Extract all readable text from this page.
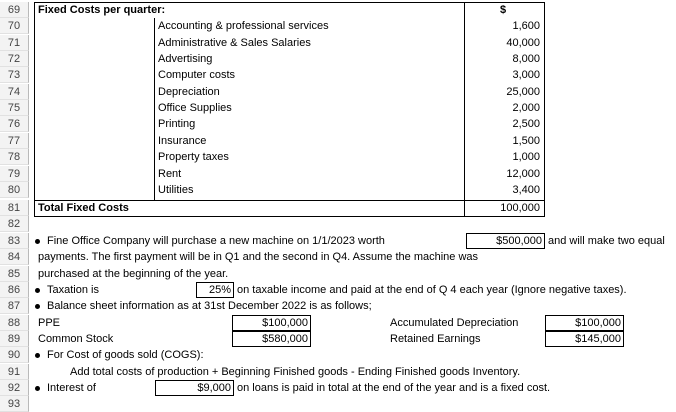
69
70
71
72
73
74
75
76
77
78
79
80
81
82
83
84
85
86
87
88
89
90
91
92
93
Fixed Costs per quarter:	$
Accounting & professional services	1,600
Administrative & Sales Salaries	40,000
Advertising	8,000
Computer costs	3,000
Depreciation	25,000
Office Supplies	2,000
Printing	2,500
Insurance	1,500
Property taxes	1,000
Rent	12,000
Utilities	3,400
Total Fixed Costs	100,000
Fine Office Company will purchase a new machine on 1/1/2023 worth	$500,000 and will make two equal
payments. The first payment will be in Q1 and the second in Q4. Assume the machine was
purchased at the beginning of the year.
Taxation is	25% on taxable income and paid at the end of Q 4 each year (Ignore negative taxes).
Balance sheet information as at 31st December 2022 is as follows;
PPE	$100,000	Accumulated Depreciation	$100,000
Common Stock	$580,000	Retained Earnings	$145,000
For Cost of goods sold (COGS):
Add total costs of production + Beginning Finished goods - Ending Finished goods Inventory.
Interest of	$9,000 on loans is paid in total at the end of the year and is a fixed cost.
